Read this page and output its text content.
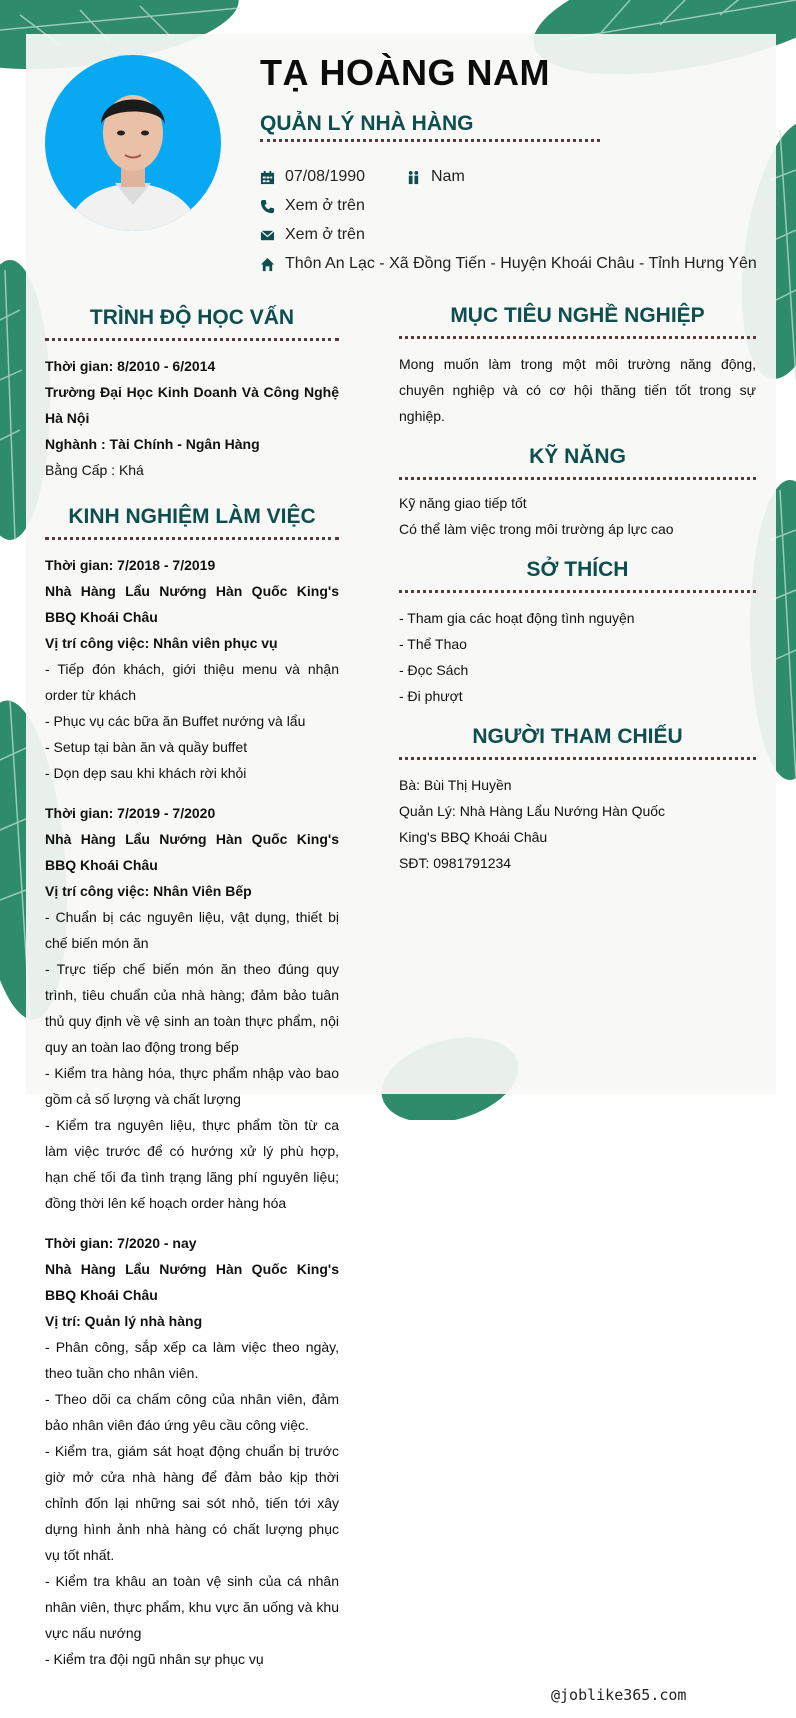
TẠ HOÀNG NAM
QUẢN LÝ NHÀ HÀNG
07/08/1990	Nam
Xem ở trên
Xem ở trên
Thôn An Lạc - Xã Đồng Tiến - Huyện Khoái Châu - Tỉnh Hưng Yên
TRÌNH ĐỘ HỌC VẤN

Thời gian: 8/2010 - 6/2014

Trường Đại Học Kinh Doanh Và Công Nghệ Hà Nội

Nghành : Tài Chính - Ngân Hàng

Bằng Cấp : Khá

KINH NGHIỆM LÀM VIỆC

Thời gian: 7/2018 - 7/2019

Nhà Hàng Lẩu Nướng Hàn Quốc King's BBQ Khoái Châu

Vị trí công việc: Nhân viên phục vụ

- Tiếp đón khách, giới thiệu menu và nhận order từ khách

- Phục vụ các bữa ăn Buffet nướng và lẩu

- Setup tại bàn ăn và quầy buffet

- Dọn dẹp sau khi khách rời khỏi

Thời gian: 7/2019 - 7/2020

Nhà Hàng Lẩu Nướng Hàn Quốc King's BBQ Khoái Châu

Vị trí công việc: Nhân Viên Bếp

- Chuẩn bị các nguyên liệu, vật dụng, thiết bị chế biến món ăn

- Trực tiếp chế biến món ăn theo đúng quy trình, tiêu chuẩn của nhà hàng; đảm bảo tuân thủ quy định về vệ sinh an toàn thực phẩm, nội quy an toàn lao động trong bếp

- Kiểm tra hàng hóa, thực phẩm nhập vào bao gồm cả số lượng và chất lượng

- Kiểm tra nguyên liệu, thực phẩm tồn từ ca làm việc trước để có hướng xử lý phù hợp, hạn chế tối đa tình trạng lãng phí nguyên liệu; đồng thời lên kế hoạch order hàng hóa

Thời gian: 7/2020 - nay

Nhà Hàng Lẩu Nướng Hàn Quốc King's BBQ Khoái Châu

Vị trí: Quản lý nhà hàng

- Phân công, sắp xếp ca làm việc theo ngày, theo tuần cho nhân viên.

- Theo dõi ca chấm công của nhân viên, đảm bảo nhân viên đáo ứng yêu cầu công việc.

- Kiểm tra, giám sát hoạt động chuẩn bị trước giờ mở cửa nhà hàng để đảm bảo kịp thời chỉnh đốn lại những sai sót nhỏ, tiến tới xây dựng hình ảnh nhà hàng có chất lượng phục vụ tốt nhất.

- Kiểm tra khâu an toàn vệ sinh của cá nhân nhân viên, thực phẩm, khu vực ăn uống và khu vực nấu nướng

- Kiểm tra đội ngũ nhân sự phục vụ

MỤC TIÊU NGHỀ NGHIỆP

Mong muốn làm trong một môi trường năng động, chuyên nghiệp và có cơ hội thăng tiến tốt trong sự nghiệp.

KỸ NĂNG

Kỹ năng giao tiếp tốt

Có thể làm việc trong môi trường áp lực cao

SỞ THÍCH

- Tham gia các hoạt động tình nguyện

- Thể Thao

- Đọc Sách

- Đi phượt

NGƯỜI THAM CHIẾU

Bà: Bùi Thị Huyền

Quản Lý: Nhà Hàng Lẩu Nướng Hàn Quốc

King's BBQ Khoái Châu

SĐT: 0981791234

@joblike365.com
